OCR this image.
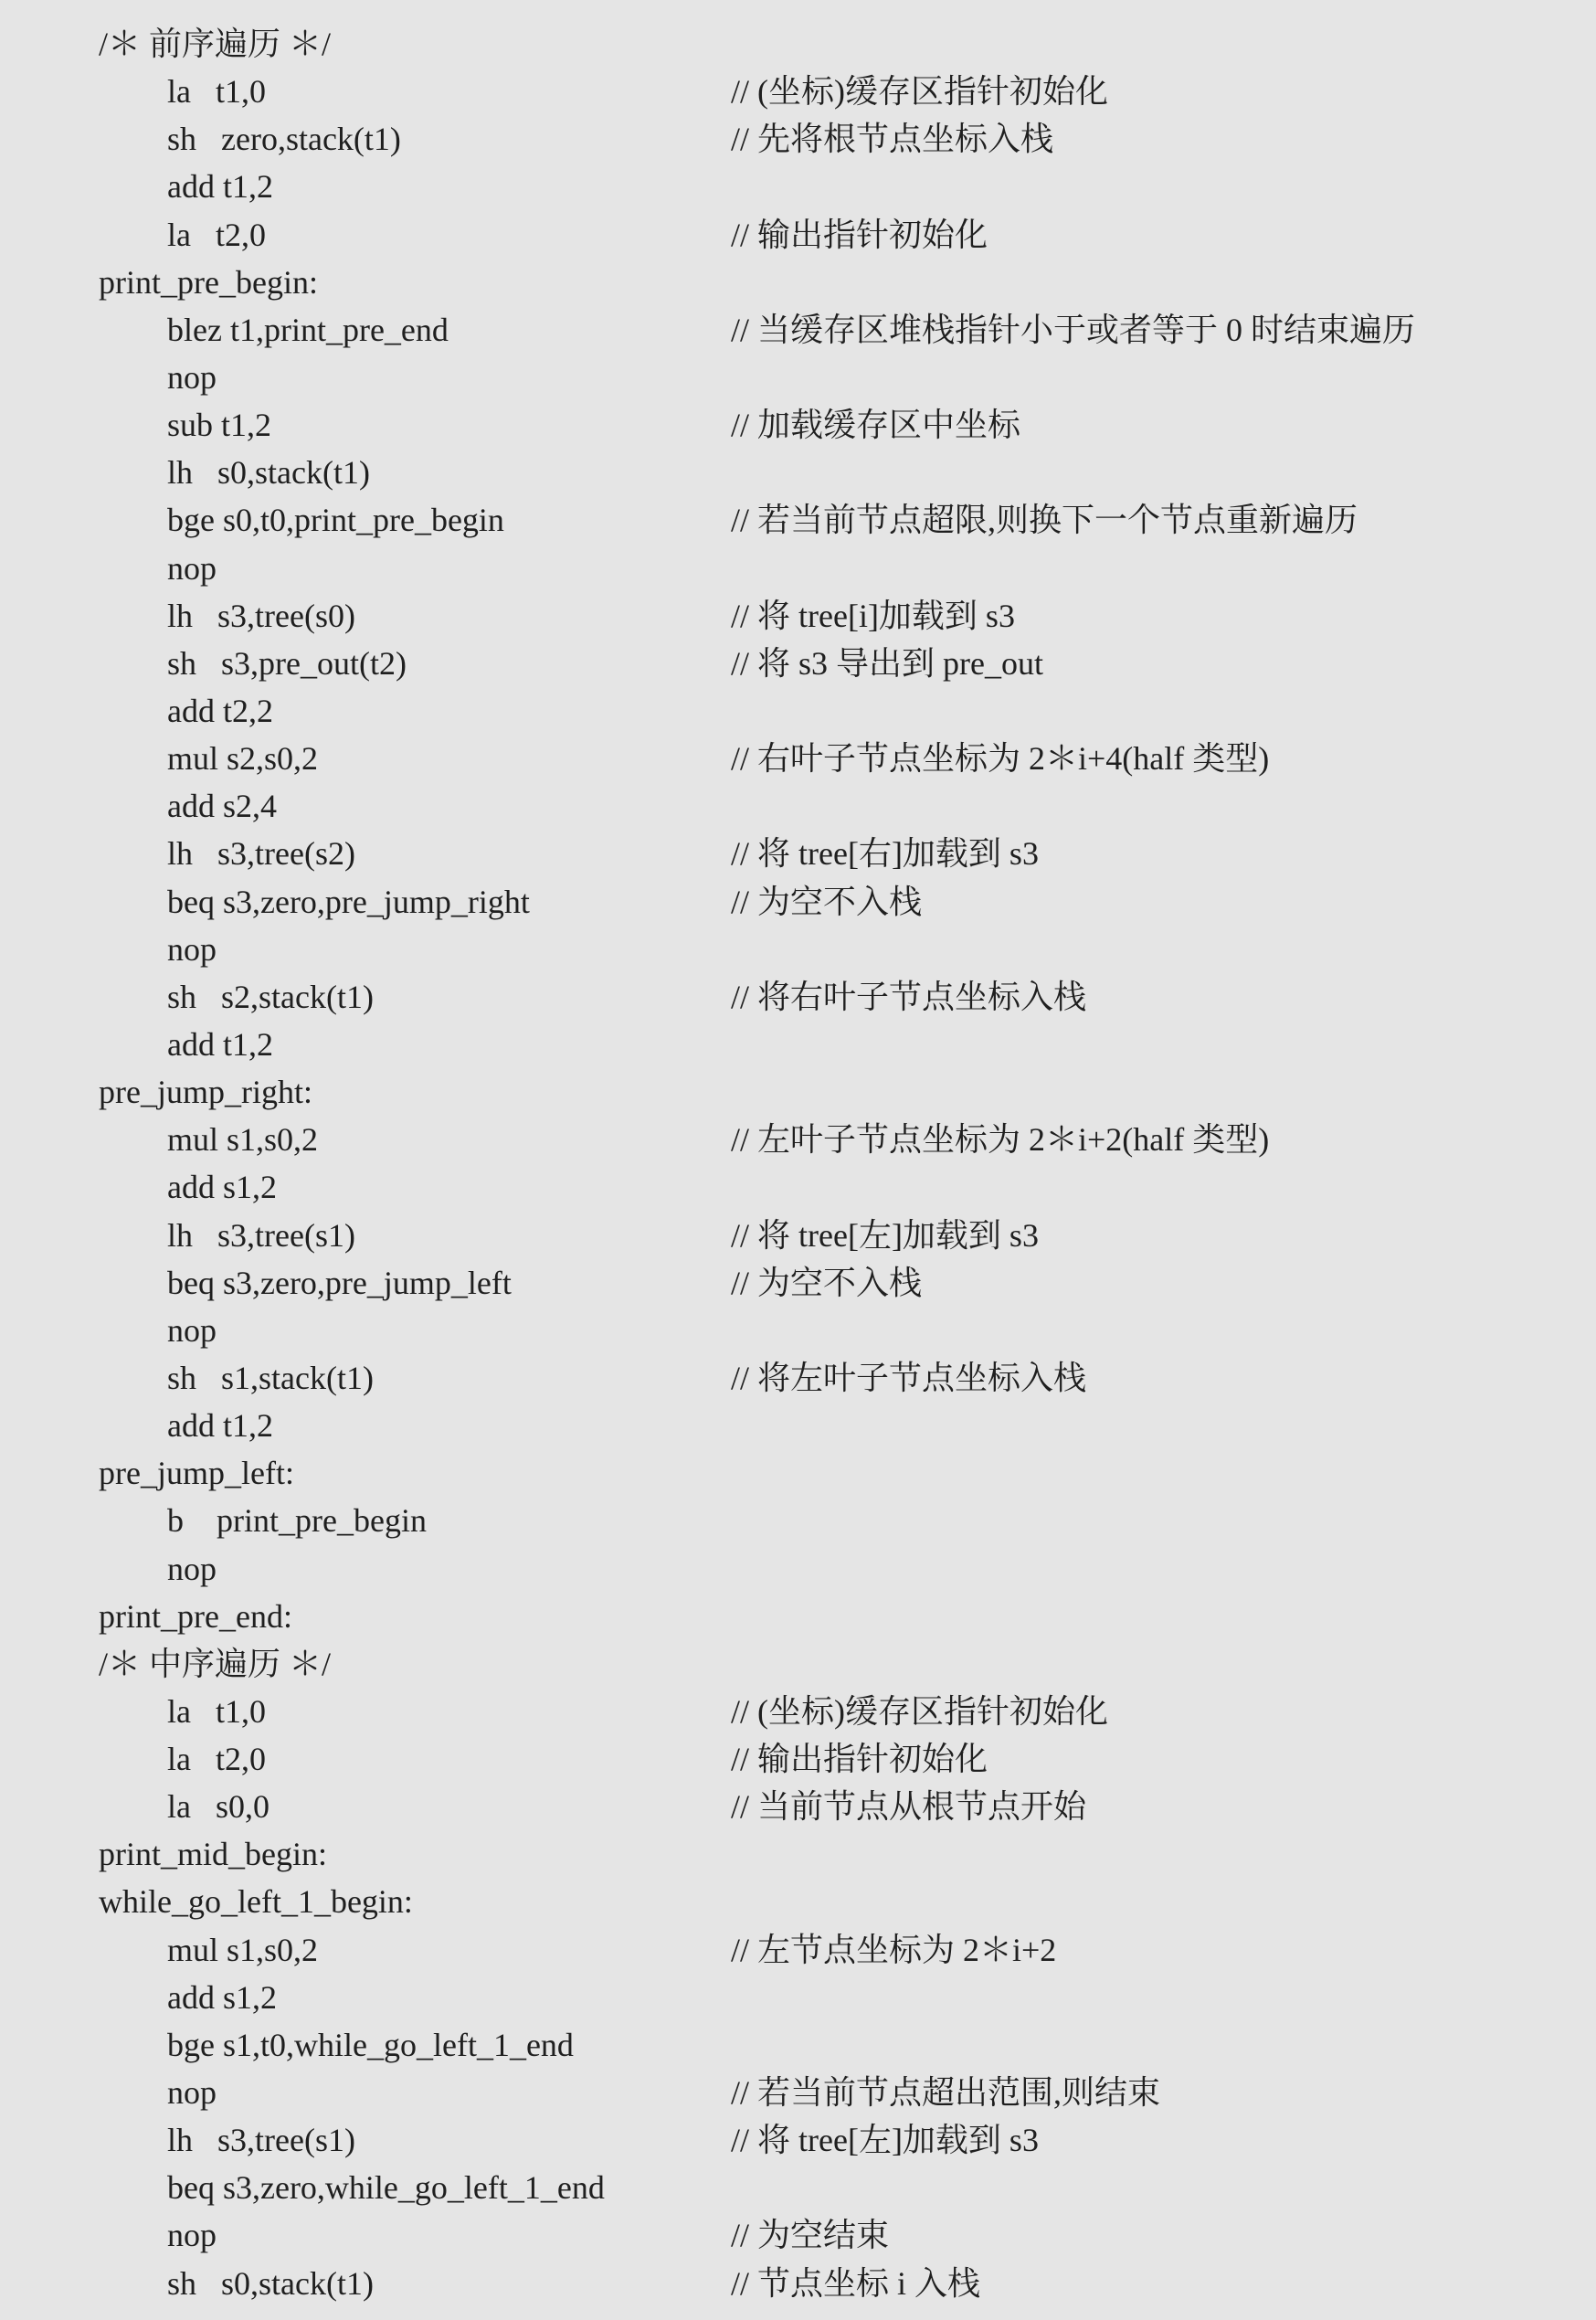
/＊ 前序遍历 ＊/
la   t1,0	// (坐标)缓存区指针初始化
sh   zero,stack(t1)	// 先将根节点坐标入栈
add t1,2
la   t2,0	// 输出指针初始化
print_pre_begin:
blez t1,print_pre_end	// 当缓存区堆栈指针小于或者等于 0 时结束遍历
nop
sub t1,2	// 加载缓存区中坐标
lh   s0,stack(t1)
bge s0,t0,print_pre_begin	// 若当前节点超限,则换下一个节点重新遍历
nop
lh   s3,tree(s0)	// 将 tree[i]加载到 s3
sh   s3,pre_out(t2)	// 将 s3 导出到 pre_out
add t2,2
mul s2,s0,2	// 右叶子节点坐标为 2＊i+4(half 类型)
add s2,4
lh   s3,tree(s2)	// 将 tree[右]加载到 s3
beq s3,zero,pre_jump_right	// 为空不入栈
nop
sh   s2,stack(t1)	// 将右叶子节点坐标入栈
add t1,2
pre_jump_right:
mul s1,s0,2	// 左叶子节点坐标为 2＊i+2(half 类型)
add s1,2
lh   s3,tree(s1)	// 将 tree[左]加载到 s3
beq s3,zero,pre_jump_left	// 为空不入栈
nop
sh   s1,stack(t1)	// 将左叶子节点坐标入栈
add t1,2
pre_jump_left:
b    print_pre_begin
nop
print_pre_end:
/＊ 中序遍历 ＊/
la   t1,0	// (坐标)缓存区指针初始化
la   t2,0	// 输出指针初始化
la   s0,0	// 当前节点从根节点开始
print_mid_begin:
while_go_left_1_begin:
mul s1,s0,2	// 左节点坐标为 2＊i+2
add s1,2
bge s1,t0,while_go_left_1_end
nop	// 若当前节点超出范围,则结束
lh   s3,tree(s1)	// 将 tree[左]加载到 s3
beq s3,zero,while_go_left_1_end
nop	// 为空结束
sh   s0,stack(t1)	// 节点坐标 i 入栈
